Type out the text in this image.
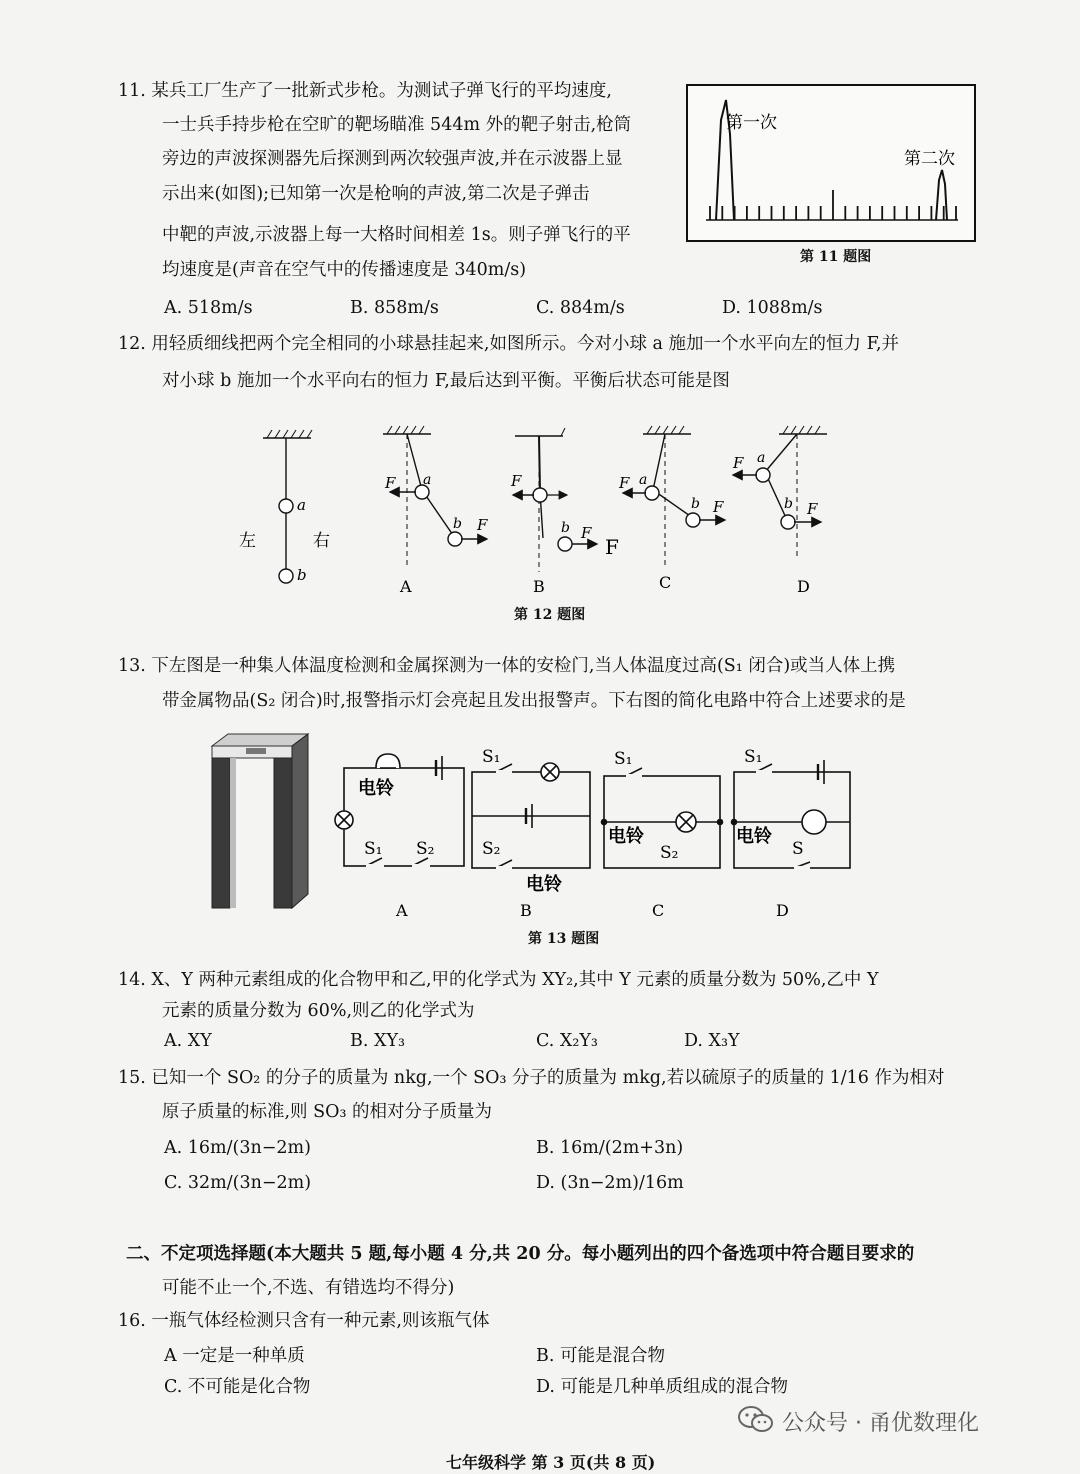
11. 某兵工厂生产了一批新式步枪。为测试子弹飞行的平均速度,
一士兵手持步枪在空旷的靶场瞄准 544m 外的靶子射击,枪筒
旁边的声波探测器先后探测到两次较强声波,并在示波器上显
示出来(如图);已知第一次是枪响的声波,第二次是子弹击
中靶的声波,示波器上每一大格时间相差 1s。则子弹飞行的平
均速度是(声音在空气中的传播速度是 340m/s)
第一次
第二次
第 11 题图
A. 518m/s	B. 858m/s	C. 884m/s	D. 1088m/s
12. 用轻质细线把两个完全相同的小球悬挂起来,如图所示。今对小球 a 施加一个水平向左的恒力 F,并
对小球 b 施加一个水平向右的恒力 F,最后达到平衡。平衡后状态可能是图
a
b
左	右
F
F
a
b
A
F
F
F
b
B
F
F
a
b
C
F
F
a
b
D
第 12 题图
13. 下左图是一种集人体温度检测和金属探测为一体的安检门,当人体温度过高(S₁ 闭合)或当人体上携
带金属物品(S₂ 闭合)时,报警指示灯会亮起且发出报警声。下右图的简化电路中符合上述要求的是
电铃
S₁ S₂
A
S₁
S₂
电铃
B
S₁
电铃
S₂
C
S₁
电铃
S
D
第 13 题图
14. X、Y 两种元素组成的化合物甲和乙,甲的化学式为 XY₂,其中 Y 元素的质量分数为 50%,乙中 Y
元素的质量分数为 60%,则乙的化学式为
A. XY	B. XY₃	C. X₂Y₃	D. X₃Y
15. 已知一个 SO₂ 的分子的质量为 nkg,一个 SO₃ 分子的质量为 mkg,若以硫原子的质量的 1/16 作为相对
原子质量的标准,则 SO₃ 的相对分子质量为
A. 16m/(3n−2m)	B. 16m/(2m+3n)
C. 32m/(3n−2m)	D. (3n−2m)/16m
二、不定项选择题(本大题共 5 题,每小题 4 分,共 20 分。每小题列出的四个备选项中符合题目要求的
可能不止一个,不选、有错选均不得分)
16. 一瓶气体经检测只含有一种元素,则该瓶气体
A 一定是一种单质	B. 可能是混合物
C. 不可能是化合物	D. 可能是几种单质组成的混合物
公众号 · 甬优数理化
七年级科学 第 3 页(共 8 页)
